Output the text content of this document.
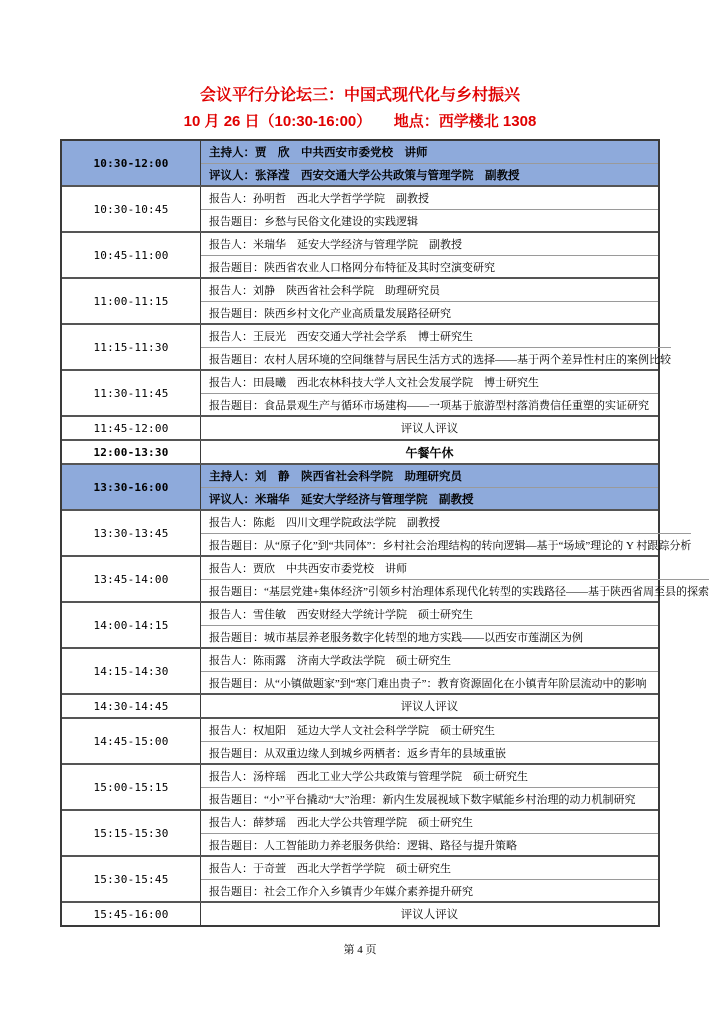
会议平行分论坛三：中国式现代化与乡村振兴
10 月 26 日（10:30-16:00）　　地点：西学楼北 1308
10:30-12:00
主持人：贾　欣　中共西安市委党校　讲师
评议人：张泽滢　西安交通大学公共政策与管理学院　副教授
10:30-10:45
报告人：孙明哲　西北大学哲学学院　副教授
报告题目：乡愁与民俗文化建设的实践逻辑
10:45-11:00
报告人：米瑞华　延安大学经济与管理学院　副教授
报告题目：陕西省农业人口格网分布特征及其时空演变研究
11:00-11:15
报告人：刘静　陕西省社会科学院　助理研究员
报告题目：陕西乡村文化产业高质量发展路径研究
11:15-11:30
报告人：王辰光　西安交通大学社会学系　博士研究生
报告题目：农村人居环境的空间继替与居民生活方式的选择——基于两个差异性村庄的案例比较
11:30-11:45
报告人：田晨曦　西北农林科技大学人文社会发展学院　博士研究生
报告题目：食品景观生产与循环市场建构——一项基于旅游型村落消费信任重塑的实证研究
11:45-12:00	评议人评议
12:00-13:30	午餐午休
13:30-16:00
主持人：刘　静　陕西省社会科学院　助理研究员
评议人：米瑞华　延安大学经济与管理学院　副教授
13:30-13:45
报告人：陈彪　四川文理学院政法学院　副教授
报告题目：从“原子化”到“共同体”：乡村社会治理结构的转向逻辑—基于“场域”理论的 Y 村跟踪分析
13:45-14:00
报告人：贾欣　中共西安市委党校　讲师
报告题目：“基层党建+集体经济”引领乡村治理体系现代化转型的实践路径——基于陕西省周至县的探索
14:00-14:15
报告人：雪佳敏　西安财经大学统计学院　硕士研究生
报告题目：城市基层养老服务数字化转型的地方实践——以西安市莲湖区为例
14:15-14:30
报告人：陈雨露　济南大学政法学院　硕士研究生
报告题目：从“小镇做题家”到“寒门难出贵子”：教育资源固化在小镇青年阶层流动中的影响
14:30-14:45	评议人评议
14:45-15:00
报告人：权旭阳　延边大学人文社会科学学院　硕士研究生
报告题目：从双重边缘人到城乡两栖者：返乡青年的县域重嵌
15:00-15:15
报告人：汤梓瑶　西北工业大学公共政策与管理学院　硕士研究生
报告题目：“小”平台撬动“大”治理：新内生发展视域下数字赋能乡村治理的动力机制研究
15:15-15:30
报告人：薛梦瑶　西北大学公共管理学院　硕士研究生
报告题目：人工智能助力养老服务供给：逻辑、路径与提升策略
15:30-15:45
报告人：于奇萱　西北大学哲学学院　硕士研究生
报告题目：社会工作介入乡镇青少年媒介素养提升研究
15:45-16:00	评议人评议
第 4 页
